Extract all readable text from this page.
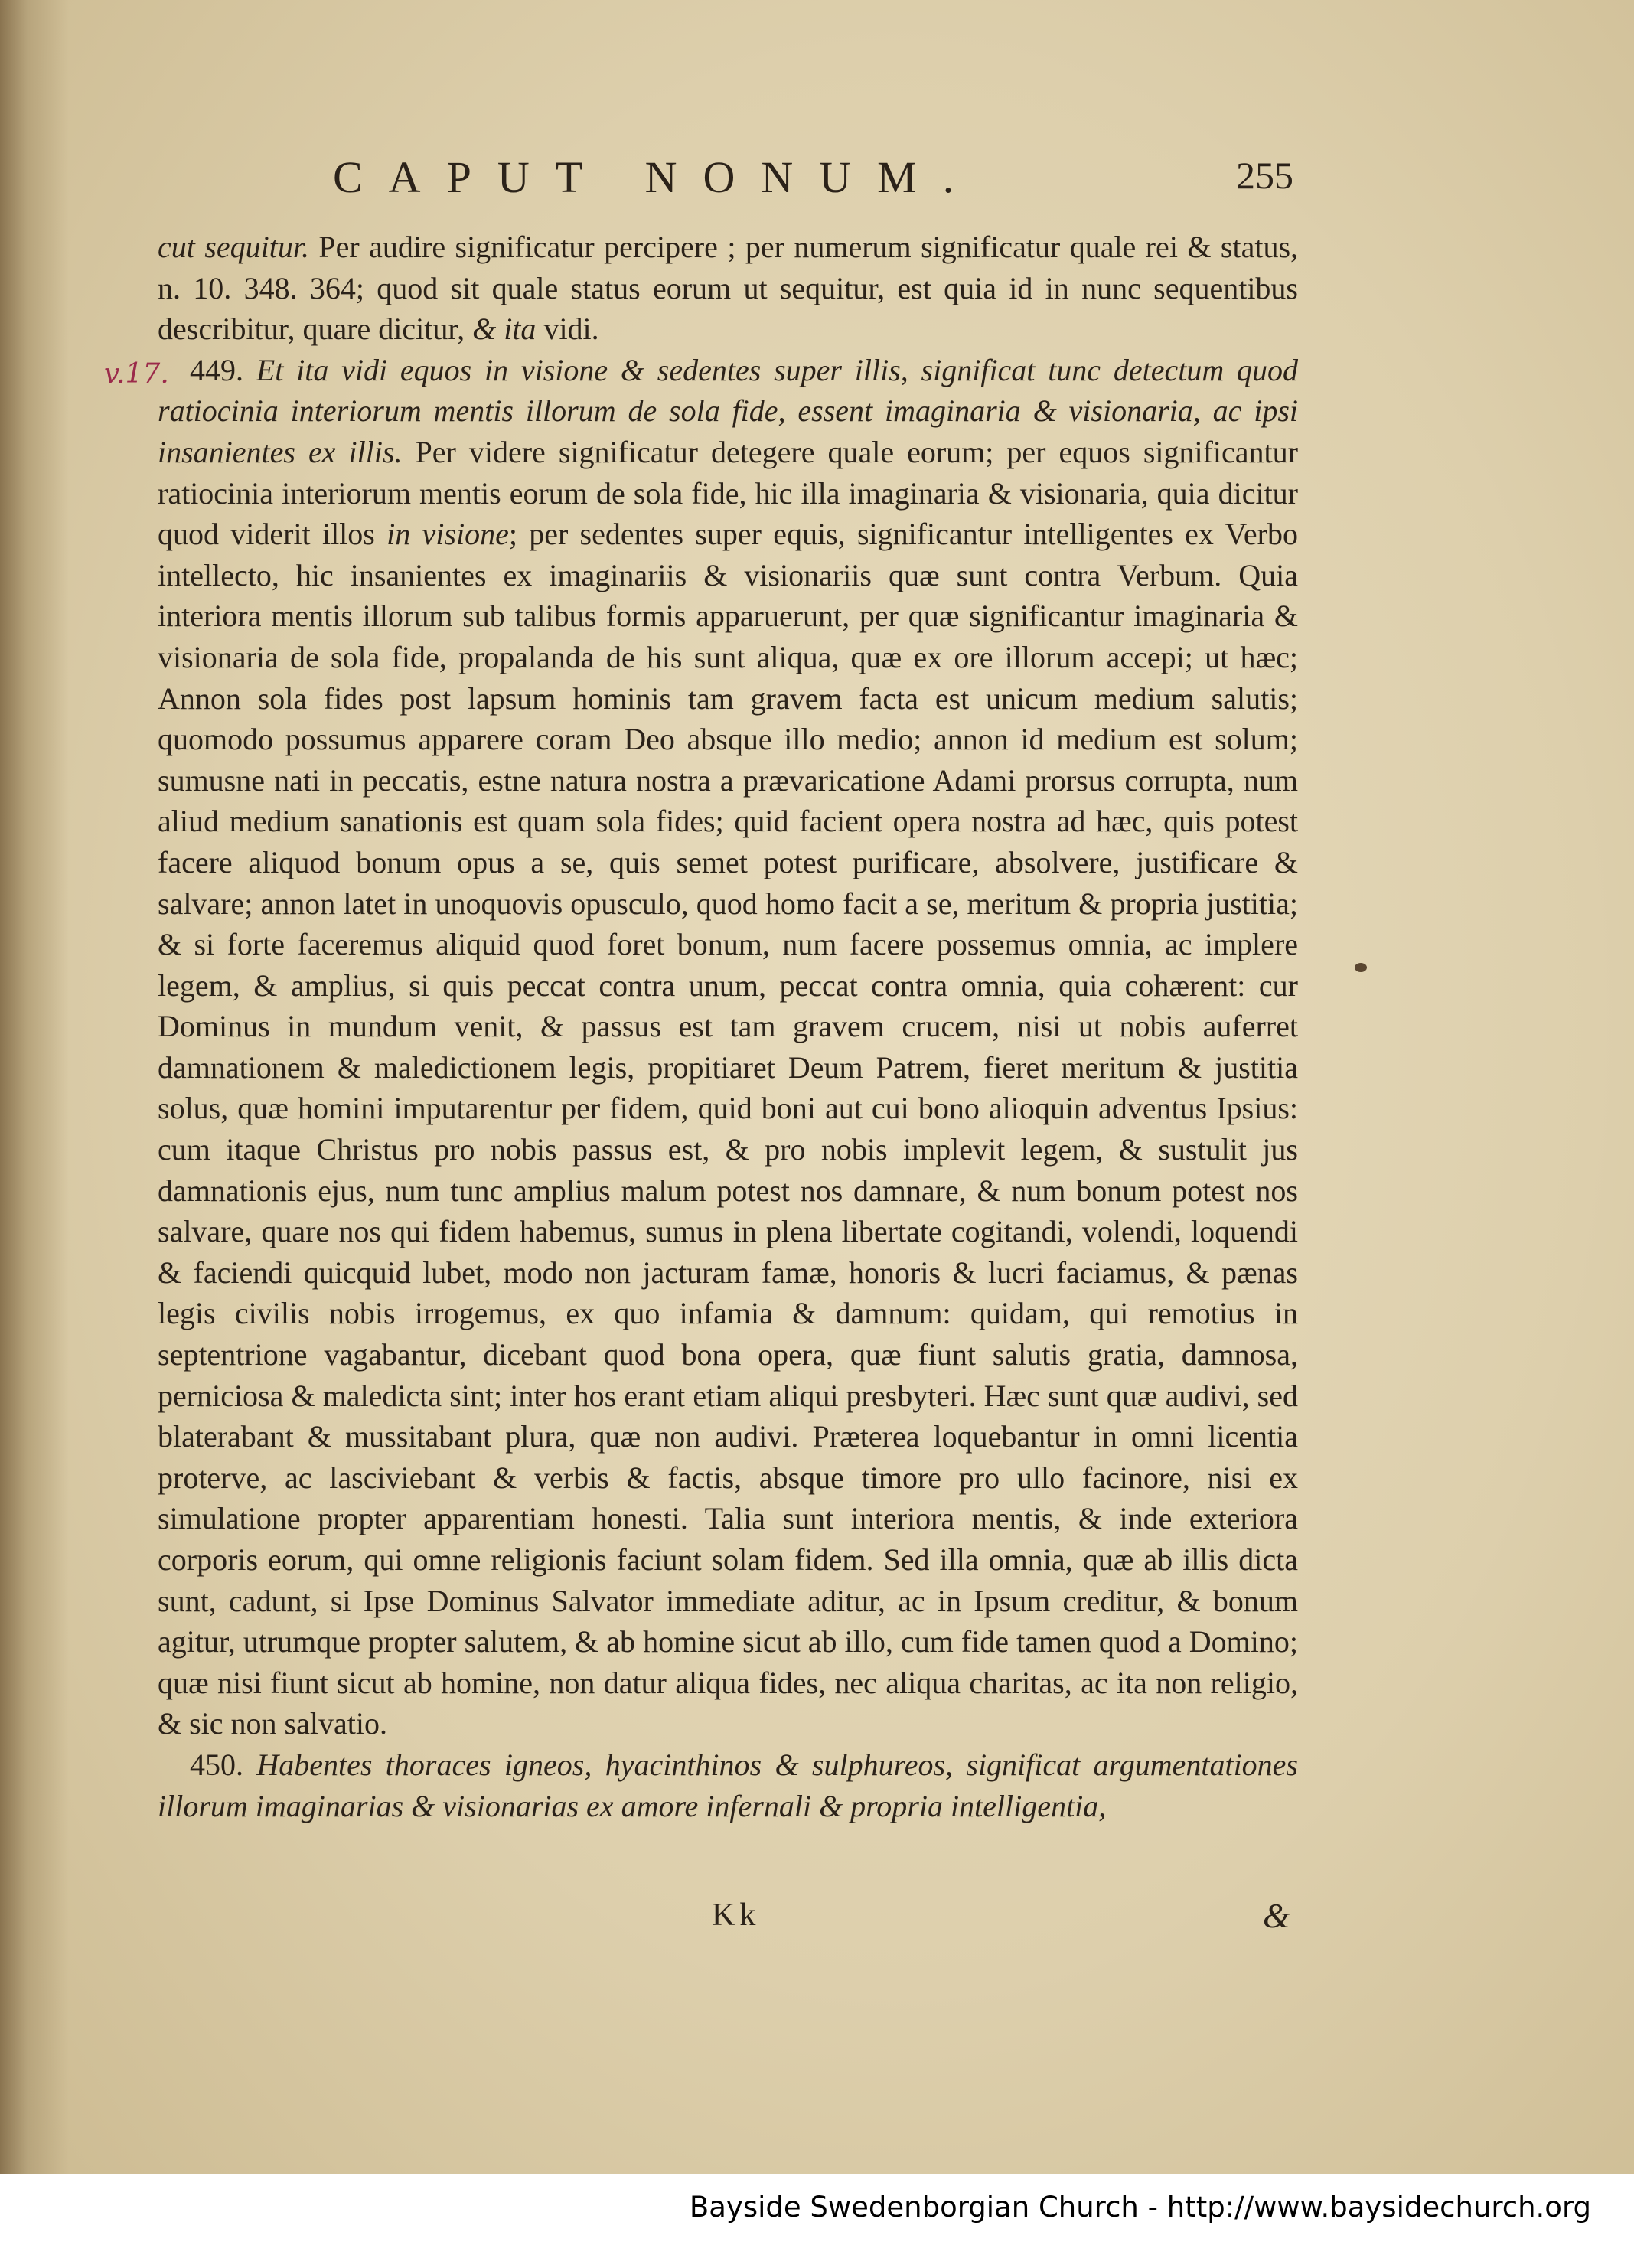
CAPUT NONUM.	255
v.17.

cut sequitur. Per audire significatur percipere ; per numerum significatur quale rei & status, n. 10. 348. 364; quod sit quale status eorum ut sequitur, est quia id in nunc sequentibus describitur, quare dicitur, & ita vidi.

449. Et ita vidi equos in visione & sedentes super illis, significat tunc detectum quod ratiocinia interiorum mentis illorum de sola fide, essent imaginaria & visionaria, ac ipsi insanientes ex illis. Per videre significatur detegere quale eorum; per equos significantur ratiocinia interiorum mentis eorum de sola fide, hic illa imaginaria & visionaria, quia dicitur quod viderit illos in visione; per sedentes super equis, significantur intelligentes ex Verbo intellecto, hic insanientes ex imaginariis & visionariis quæ sunt contra Verbum. Quia interiora mentis illorum sub talibus formis apparuerunt, per quæ significantur imaginaria & visionaria de sola fide, propalanda de his sunt aliqua, quæ ex ore illorum accepi; ut hæc; Annon sola fides post lapsum hominis tam gravem facta est unicum medium salutis; quomodo possumus apparere coram Deo absque illo medio; annon id medium est solum; sumusne nati in peccatis, estne natura nostra a prævaricatione Adami prorsus corrupta, num aliud medium sanationis est quam sola fides; quid facient opera nostra ad hæc, quis potest facere aliquod bonum opus a se, quis semet potest purificare, absolvere, justificare & salvare; annon latet in unoquovis opusculo, quod homo facit a se, meritum & propria justitia; & si forte faceremus aliquid quod foret bonum, num facere possemus omnia, ac implere legem, & amplius, si quis peccat contra unum, peccat contra omnia, quia cohærent: cur Dominus in mundum venit, & passus est tam gravem crucem, nisi ut nobis auferret damnationem & maledictionem legis, propitiaret Deum Patrem, fieret meritum & justitia solus, quæ homini imputarentur per fidem, quid boni aut cui bono alioquin adventus Ipsius: cum itaque Christus pro nobis passus est, & pro nobis implevit legem, & sustulit jus damnationis ejus, num tunc amplius malum potest nos damnare, & num bonum potest nos salvare, quare nos qui fidem habemus, sumus in plena libertate cogitandi, volendi, loquendi & faciendi quicquid lubet, modo non jacturam famæ, honoris & lucri faciamus, & pænas legis civilis nobis irrogemus, ex quo infamia & damnum: quidam, qui remotius in septentrione vagabantur, dicebant quod bona opera, quæ fiunt salutis gratia, damnosa, perniciosa & maledicta sint; inter hos erant etiam aliqui presbyteri. Hæc sunt quæ audivi, sed blaterabant & mussitabant plura, quæ non audivi. Præterea loquebantur in omni licentia proterve, ac lasciviebant & verbis & factis, absque timore pro ullo facinore, nisi ex simulatione propter apparentiam honesti. Talia sunt interiora mentis, & inde exteriora corporis eorum, qui omne religionis faciunt solam fidem. Sed illa omnia, quæ ab illis dicta sunt, cadunt, si Ipse Dominus Salvator immediate aditur, ac in Ipsum creditur, & bonum agitur, utrumque propter salutem, & ab homine sicut ab illo, cum fide tamen quod a Domino; quæ nisi fiunt sicut ab homine, non datur aliqua fides, nec aliqua charitas, ac ita non religio, & sic non salvatio.

450. Habentes thoraces igneos, hyacinthinos & sulphureos, significat argumentationes illorum imaginarias & visionarias ex amore infernali & propria intelligentia,

Kk	&
Bayside Swedenborgian Church - http://www.baysidechurch.org
